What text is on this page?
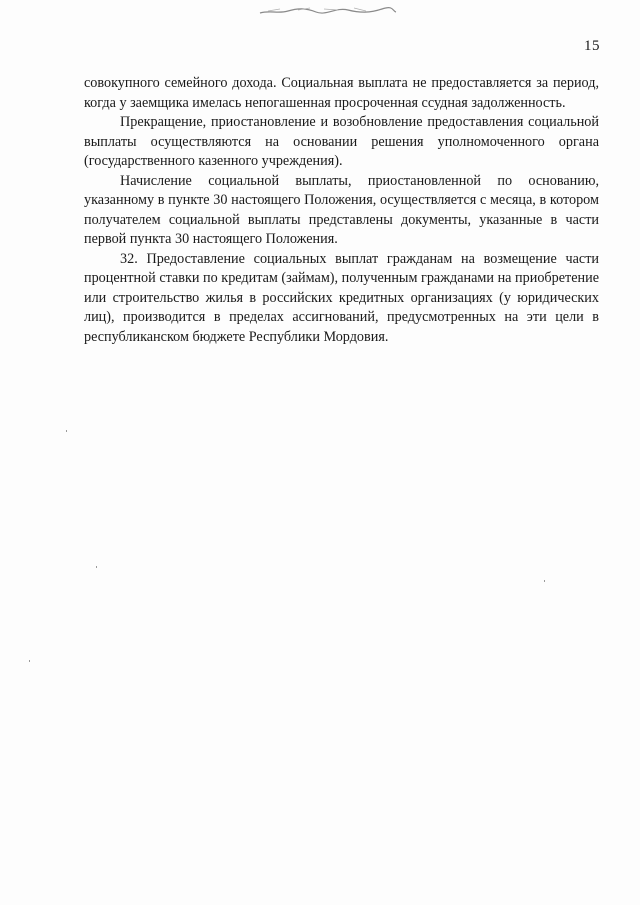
15

совокупного семейного дохода. Социальная выплата не предоставляется за период, когда у заемщика имелась непогашенная просроченная ссудная задолженность.

Прекращение, приостановление и возобновление предоставления социальной выплаты осуществляются на основании решения уполномоченного органа (государственного казенного учреждения).

Начисление социальной выплаты, приостановленной по основанию, указанному в пункте 30 настоящего Положения, осуществляется с месяца, в котором получателем социальной выплаты представлены документы, указанные в части первой пункта 30 настоящего Положения.

32. Предоставление социальных выплат гражданам на возмещение части процентной ставки по кредитам (займам), полученным гражданами на приобретение или строительство жилья в российских кредитных организациях (у юридических лиц), производится в пределах ассигнований, предусмотренных на эти цели в республиканском бюджете Республики Мордовия.
